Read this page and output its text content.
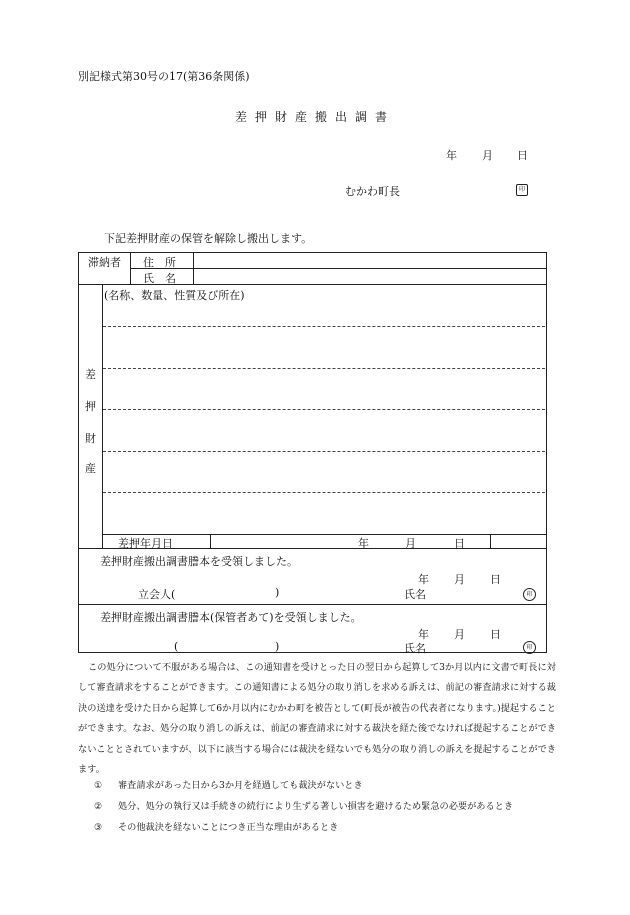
別記様式第30号の17(第36条関係)
差押財産搬出調書
年 月 日
むかわ町長	印
下記差押財産の保管を解除し搬出します。
滞納者 住　所
氏　名
差
押
財
産
(名称、数量、性質及び所在)
差押年月日	年	月	日
差押財産搬出調書謄本を受領しました。
年 月 日
立会人(	)	氏名	印
差押財産搬出調書謄本(保管者あて)を受領しました。
年 月 日
(	)	氏名	印
この処分について不服がある場合は、この通知書を受けとった日の翌日から起算して3か月以内に文書で町長に対して審査請求をすることができます。この通知書による処分の取り消しを求める訴えは、前記の審査請求に対する裁決の送達を受けた日から起算して6か月以内にむかわ町を被告として(町長が被告の代表者になります。)提起することができます。なお、処分の取り消しの訴えは、前記の審査請求に対する裁決を経た後でなければ提起することができないこととされていますが、以下に該当する場合には裁決を経ないでも処分の取り消しの訴えを提起することができます。
① 審査請求があった日から3か月を経過しても裁決がないとき
② 処分、処分の執行又は手続きの続行により生ずる著しい損害を避けるため緊急の必要があるとき
③ その他裁決を経ないことにつき正当な理由があるとき
